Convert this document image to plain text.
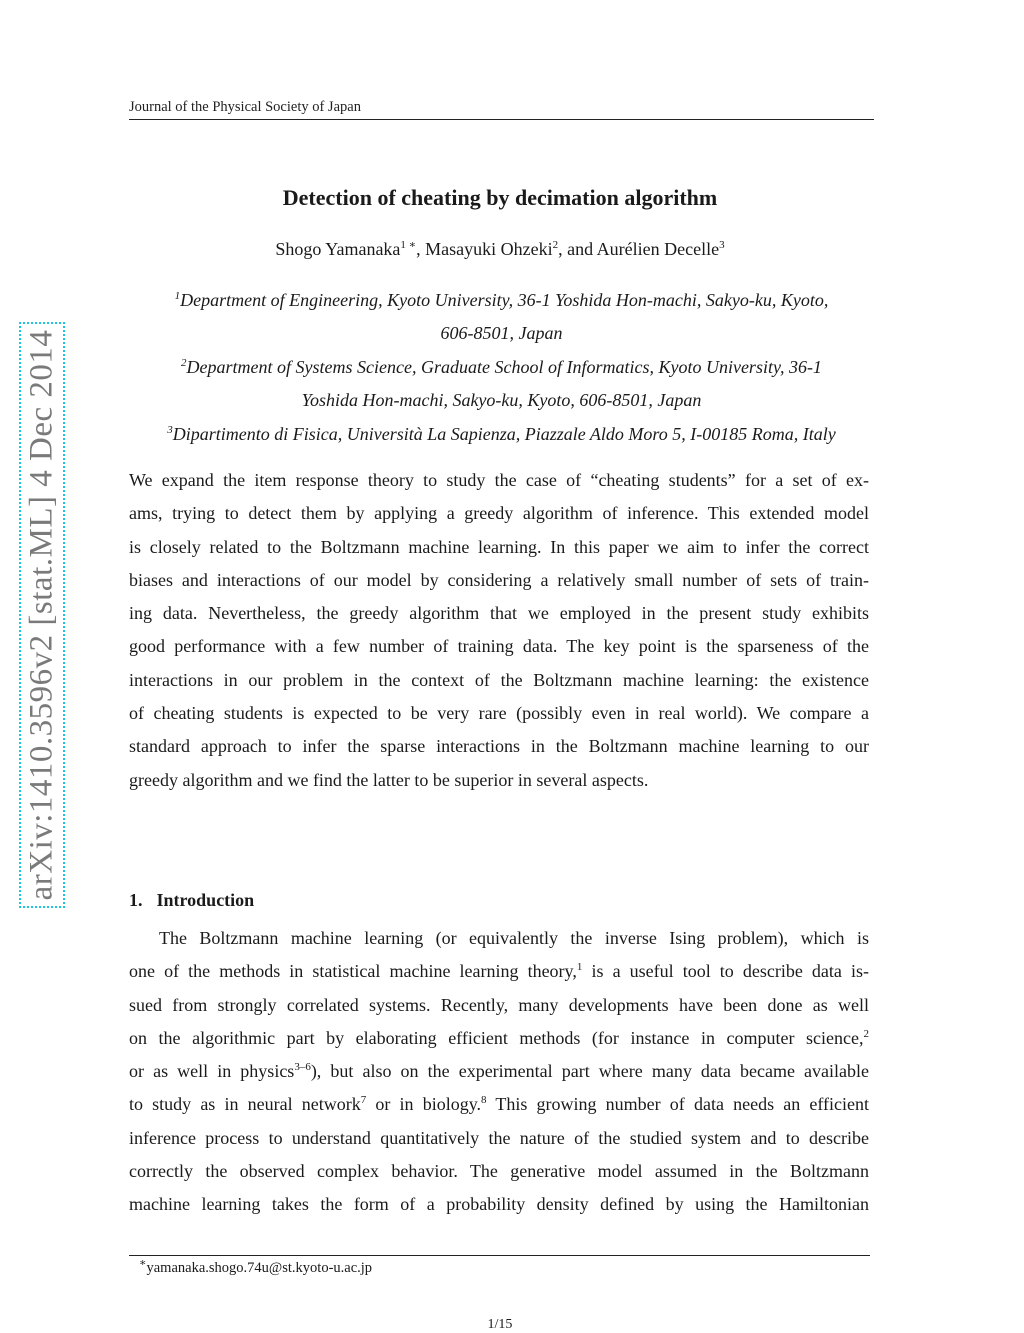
Journal of the Physical Society of Japan
Detection of cheating by decimation algorithm
Shogo Yamanaka$^{1 ∗}$, Masayuki Ohzeki$^2$, and Aurélien Decelle$^3$
$^1$Department of Engineering, Kyoto University, 36-1 Yoshida Hon-machi, Sakyo-ku, Kyoto,
606-8501, Japan
$^2$Department of Systems Science, Graduate School of Informatics, Kyoto University, 36-1
Yoshida Hon-machi, Sakyo-ku, Kyoto, 606-8501, Japan
$^3$Dipartimento di Fisica, Università La Sapienza, Piazzale Aldo Moro 5, I-00185 Roma, Italy
We expand the item response theory to study the case of “cheating students” for a set of ex-
ams, trying to detect them by applying a greedy algorithm of inference. This extended model
is closely related to the Boltzmann machine learning. In this paper we aim to infer the correct
biases and interactions of our model by considering a relatively small number of sets of train-
ing data. Nevertheless, the greedy algorithm that we employed in the present study exhibits
good performance with a few number of training data. The key point is the sparseness of the
interactions in our problem in the context of the Boltzmann machine learning: the existence
of cheating students is expected to be very rare (possibly even in real world). We compare a
standard approach to infer the sparse interactions in the Boltzmann machine learning to our
greedy algorithm and we find the latter to be superior in several aspects.
1. Introduction
The Boltzmann machine learning (or equivalently the inverse Ising problem), which is
one of the methods in statistical machine learning theory,$^1$ is a useful tool to describe data is-
sued from strongly correlated systems. Recently, many developments have been done as well
on the algorithmic part by elaborating efficient methods (for instance in computer science,$^2$
or as well in physics$^{3-6}$), but also on the experimental part where many data became available
to study as in neural network$^7$ or in biology.$^8$ This growing number of data needs an efficient
inference process to understand quantitatively the nature of the studied system and to describe
correctly the observed complex behavior. The generative model assumed in the Boltzmann
machine learning takes the form of a probability density defined by using the Hamiltonian
∗yamanaka.shogo.74u@st.kyoto-u.ac.jp
1/15
arXiv:1410.3596v2 [stat.ML] 4 Dec 2014
